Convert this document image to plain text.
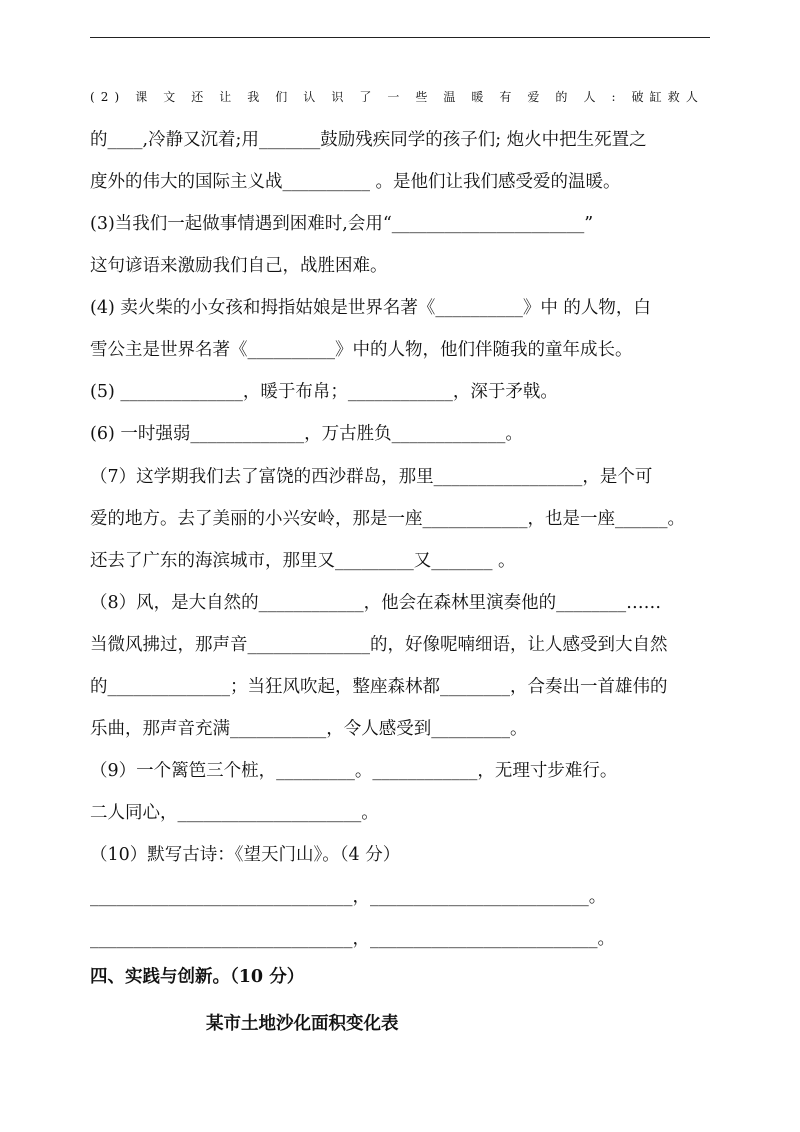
(2) 课 文 还 让 我 们 认 识 了 一 些 温 暖 有 爱 的 人 : 破缸救人
的____,冷静又沉着;用_______鼓励残疾同学的孩子们; 炮火中把生死置之
度外的伟大的国际主义战__________ 。是他们让我们感受爱的温暖。
(3)当我们一起做事情遇到困难时,会用“______________________”
这句谚语来激励我们自己，战胜困难。
(4) 卖火柴的小女孩和拇指姑娘是世界名著《__________》中 的人物，白
雪公主是世界名著《__________》中的人物，他们伴随我的童年成长。
(5) ______________，暖于布帛；____________，深于矛戟。
(6) 一时强弱_____________，万古胜负_____________。
（7）这学期我们去了富饶的西沙群岛，那里_________________，是个可
爱的地方。去了美丽的小兴安岭，那是一座____________，也是一座______。
还去了广东的海滨城市，那里又_________又_______ 。
（8）风，是大自然的____________，他会在森林里演奏他的________……
当微风拂过，那声音______________的，好像呢喃细语，让人感受到大自然
的______________；当狂风吹起，整座森林都________，合奏出一首雄伟的
乐曲，那声音充满___________，令人感受到_________。
（9）一个篱笆三个桩，_________。____________，无理寸步难行。
二人同心，_____________________。
（10）默写古诗：《望天门山》。（4 分）
______________________________，_________________________。
______________________________，__________________________。
四、实践与创新。（10 分）
某市土地沙化面积变化表
